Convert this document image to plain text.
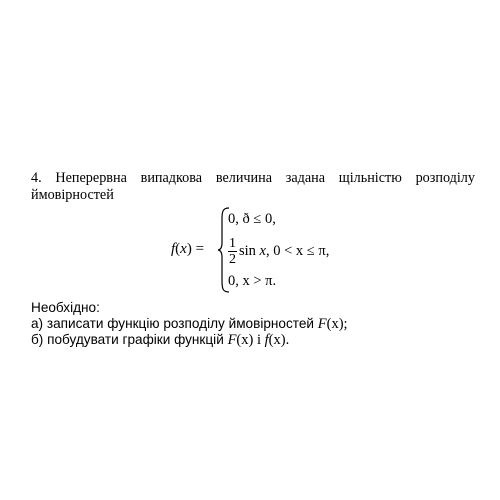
4. Неперервна випадкова величина задана щільністю розподілу ймовірностей

f(x) =
0, ð ≤ 0,
$\frac{1}{2}$ sin x, 0 < x ≤ π,
0, x > π.
Необхідно:
а) записати функцію розподілу ймовірностей F(x);
б) побудувати графіки функцій F(x) і f(x).
